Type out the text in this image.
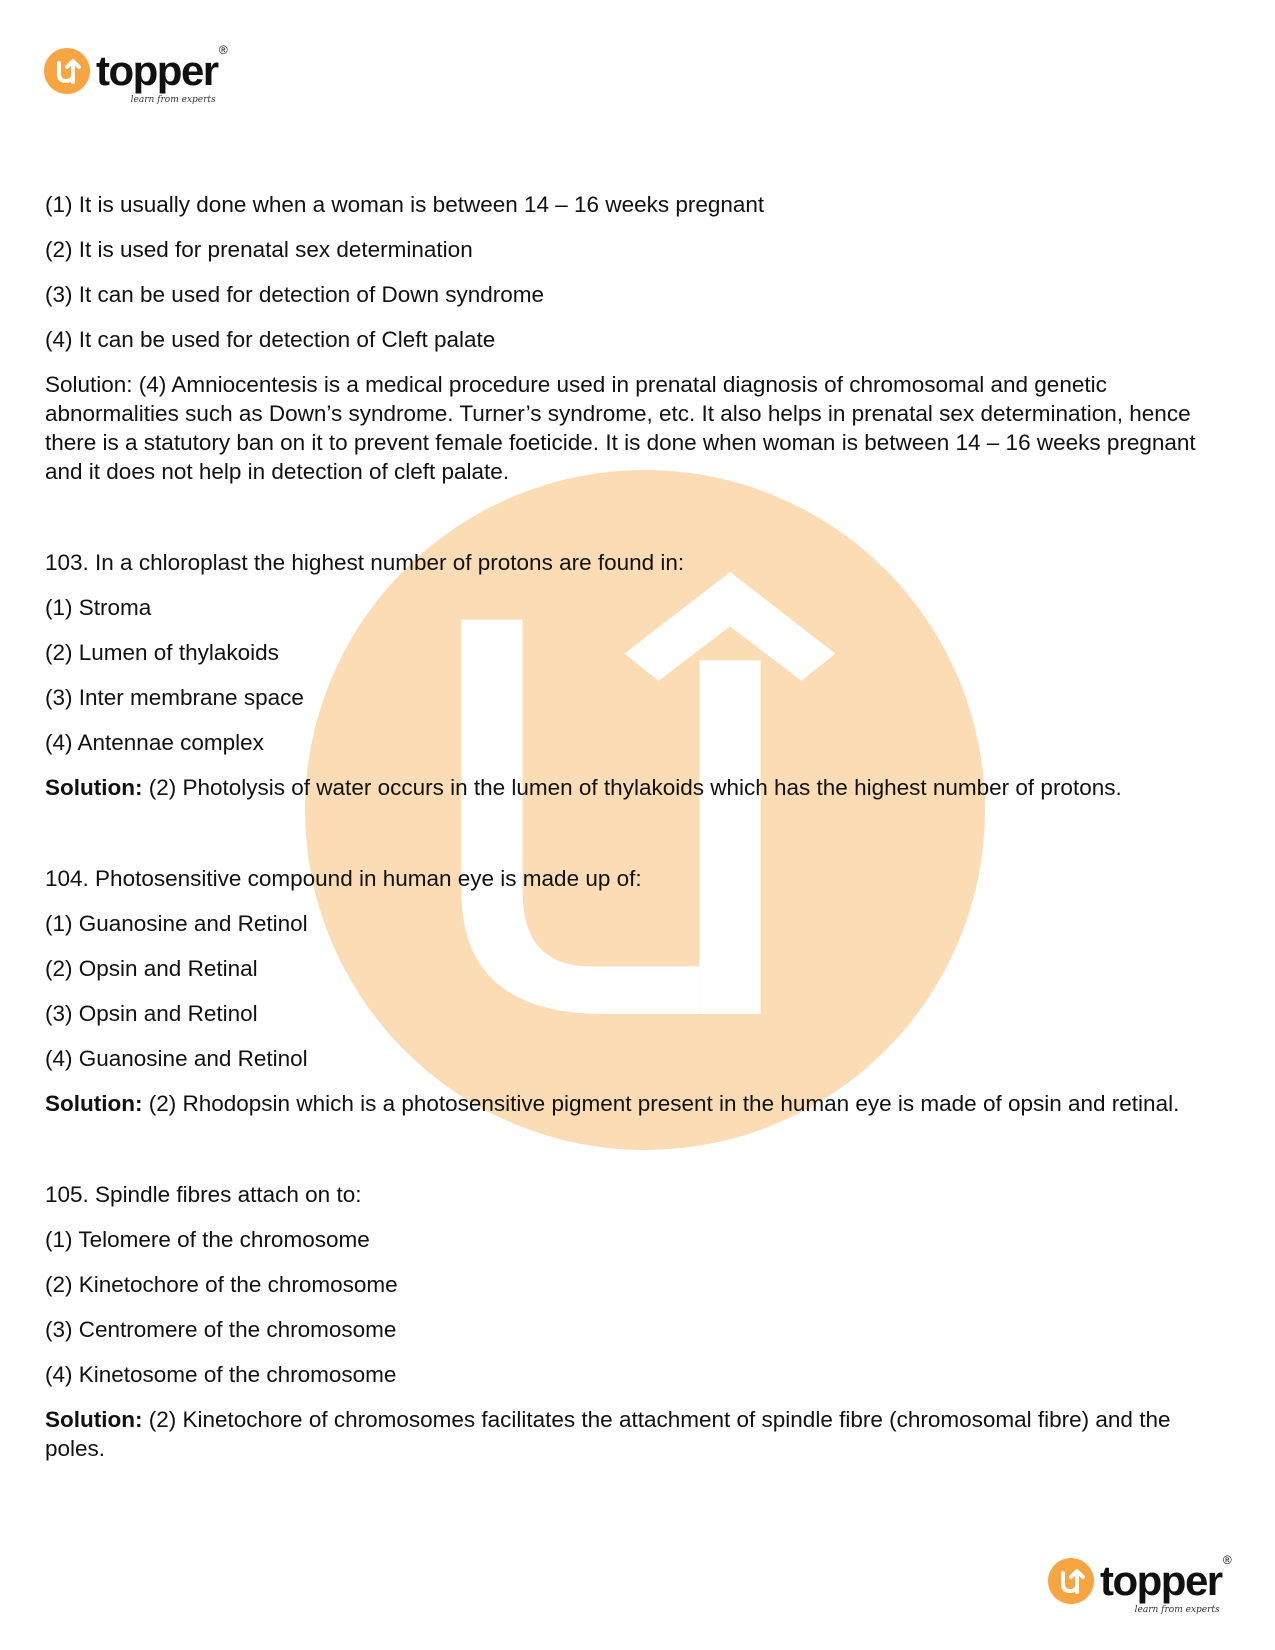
topper ®
learn from experts

(1) It is usually done when a woman is between 14 – 16 weeks pregnant

(2) It is used for prenatal sex determination

(3) It can be used for detection of Down syndrome

(4) It can be used for detection of Cleft palate

Solution: (4) Amniocentesis is a medical procedure used in prenatal diagnosis of chromosomal and genetic abnormalities such as Down’s syndrome. Turner’s syndrome, etc. It also helps in prenatal sex determination, hence there is a statutory ban on it to prevent female foeticide. It is done when woman is between 14 – 16 weeks pregnant and it does not help in detection of cleft palate.

103. In a chloroplast the highest number of protons are found in:

(1) Stroma

(2) Lumen of thylakoids

(3) Inter membrane space

(4) Antennae complex

Solution: (2) Photolysis of water occurs in the lumen of thylakoids which has the highest number of protons.

104. Photosensitive compound in human eye is made up of:

(1) Guanosine and Retinol

(2) Opsin and Retinal

(3) Opsin and Retinol

(4) Guanosine and Retinol

Solution: (2) Rhodopsin which is a photosensitive pigment present in the human eye is made of opsin and retinal.

105. Spindle fibres attach on to:

(1) Telomere of the chromosome

(2) Kinetochore of the chromosome

(3) Centromere of the chromosome

(4) Kinetosome of the chromosome

Solution: (2) Kinetochore of chromosomes facilitates the attachment of spindle fibre (chromosomal fibre) and the poles.

topper ®
learn from experts
